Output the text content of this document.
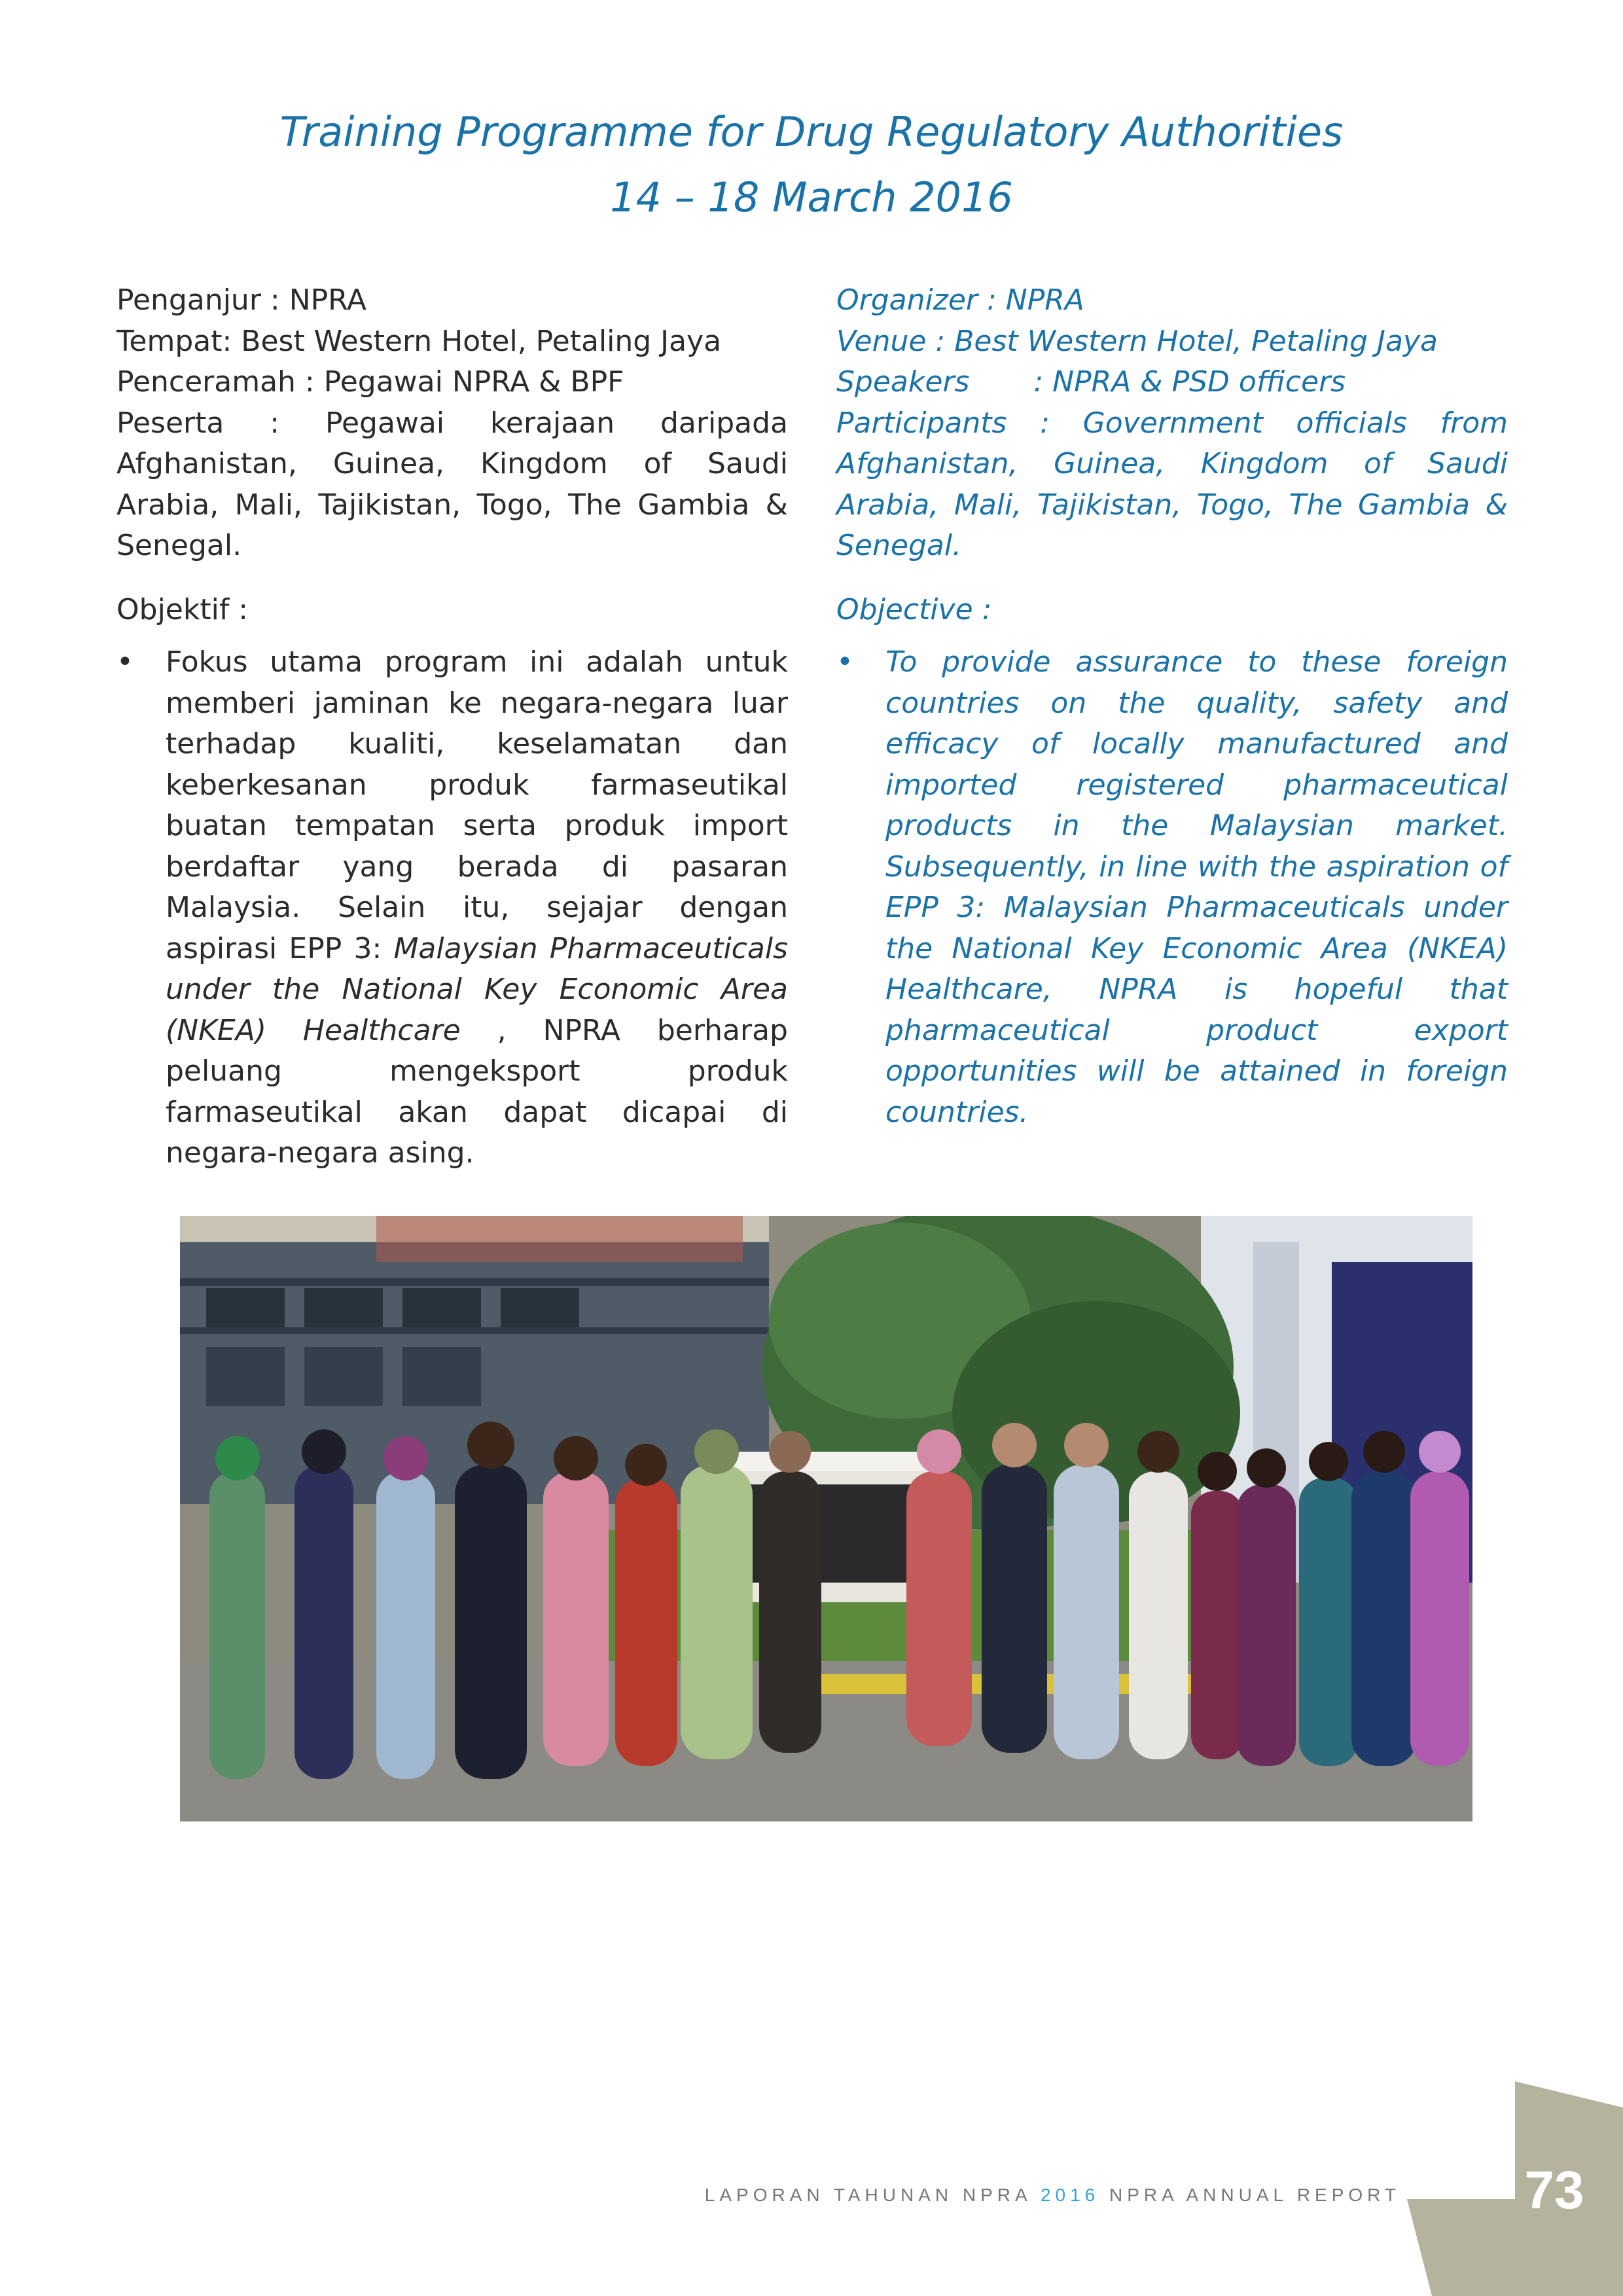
Training Programme for Drug Regulatory Authorities
14 – 18 March 2016
Penganjur : NPRA
Tempat: Best Western Hotel, Petaling Jaya
Penceramah : Pegawai NPRA & BPF
Peserta : Pegawai kerajaan daripada Afghanistan, Guinea, Kingdom of Saudi Arabia, Mali, Tajikistan, Togo, The Gambia & Senegal.
Objektif :
• Fokus utama program ini adalah untuk memberi jaminan ke negara-negara luar terhadap kualiti, keselamatan dan keberkesanan produk farmaseutikal buatan tempatan serta produk import berdaftar yang berada di pasaran Malaysia. Selain itu, sejajar dengan aspirasi EPP 3: Malaysian Pharmaceuticals under the National Key Economic Area (NKEA) Healthcare , NPRA berharap peluang mengeksport produk farmaseutikal akan dapat dicapai di negara-negara asing.
Organizer : NPRA
Venue : Best Western Hotel, Petaling Jaya
Speakers       : NPRA & PSD officers
Participants : Government officials from Afghanistan, Guinea, Kingdom of Saudi Arabia, Mali, Tajikistan, Togo, The Gambia & Senegal.
Objective :
• To provide assurance to these foreign countries on the quality, safety and efficacy of locally manufactured and imported registered pharmaceutical products in the Malaysian market. Subsequently, in line with the aspiration of EPP 3: Malaysian Pharmaceuticals under the National Key Economic Area (NKEA) Healthcare, NPRA is hopeful that pharmaceutical product export opportunities will be attained in foreign countries.
LAPORAN TAHUNAN NPRA 2016 NPRA ANNUAL REPORT	73
